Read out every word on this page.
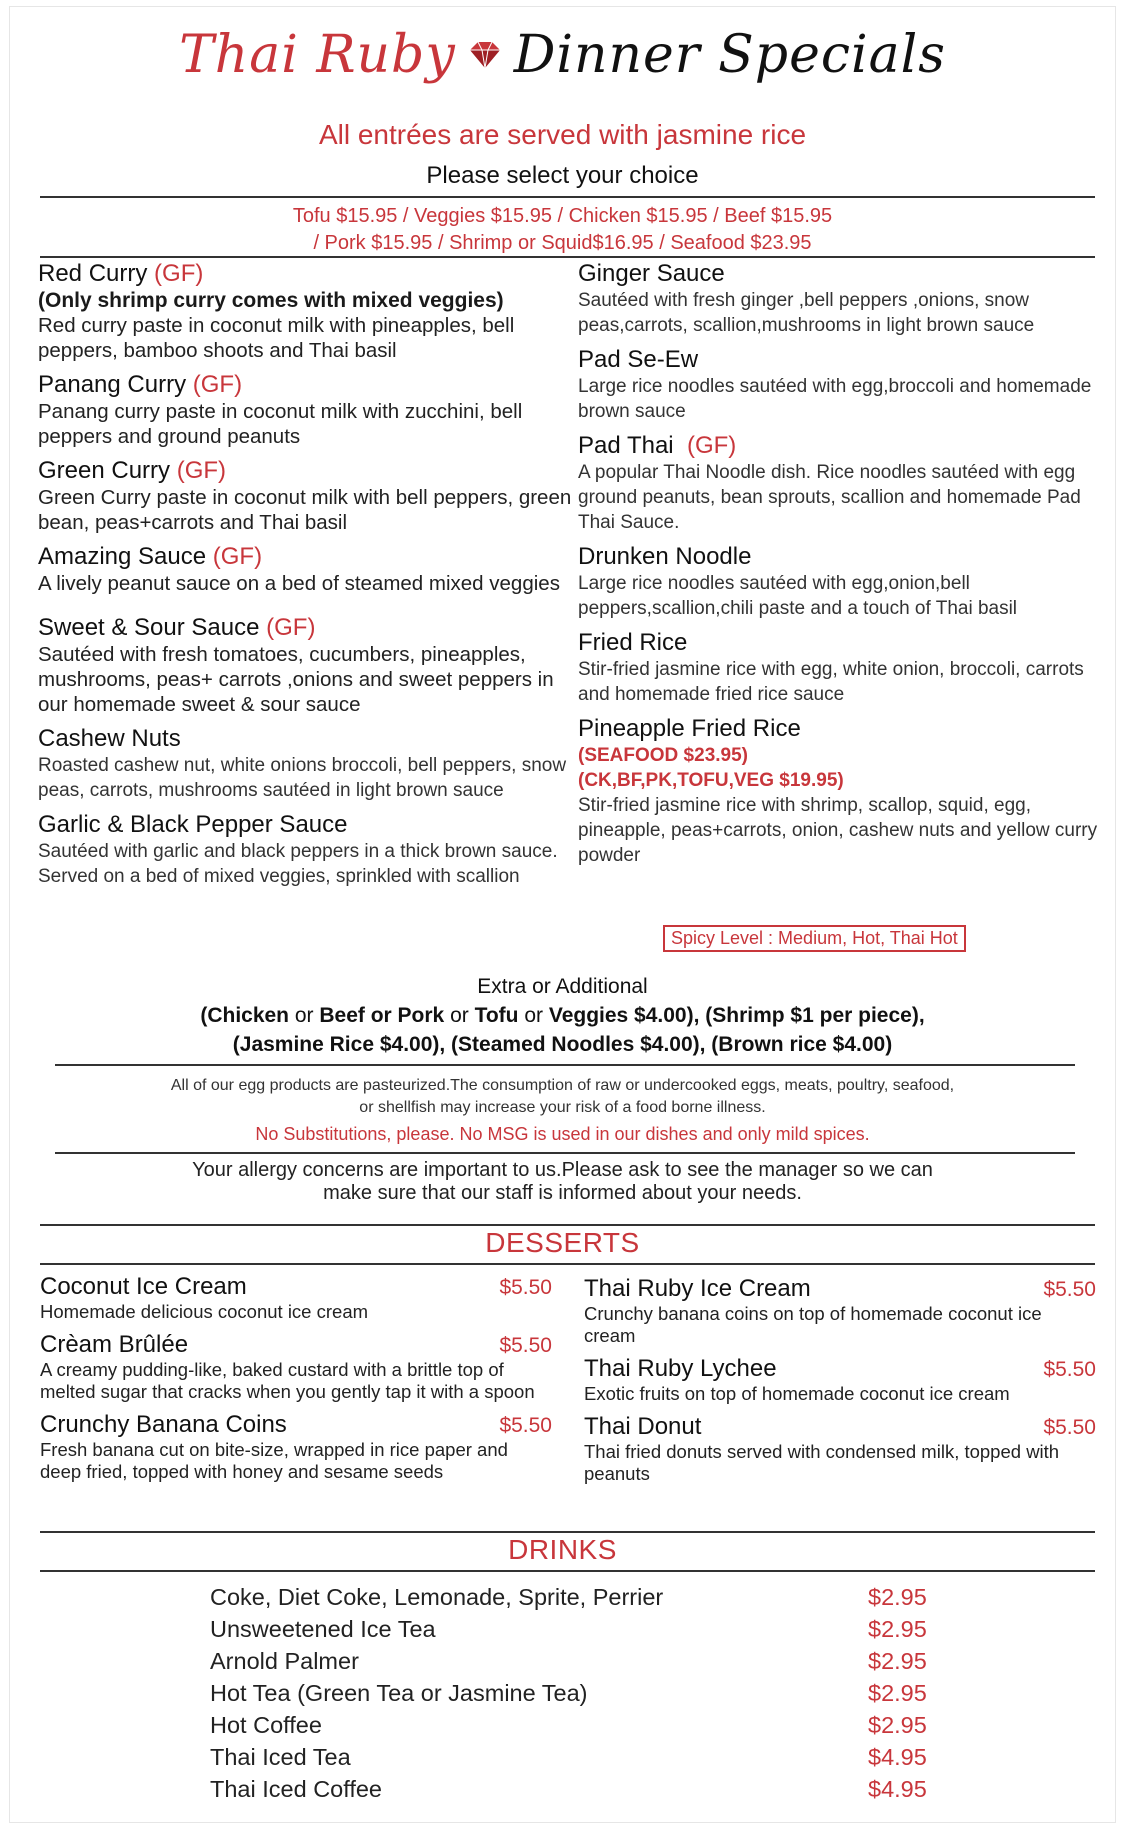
Thai Ruby Dinner Specials
All entrées are served with jasmine rice
Please select your choice
Tofu $15.95 / Veggies $15.95 / Chicken $15.95 / Beef $15.95
/ Pork $15.95 / Shrimp or Squid$16.95 / Seafood $23.95
Red Curry (GF)
(Only shrimp curry comes with mixed veggies)
Red curry paste in coconut milk with pineapples, bell peppers, bamboo shoots and Thai basil
Panang Curry (GF)
Panang curry paste in coconut milk with zucchini, bell peppers and ground peanuts
Green Curry (GF)
Green Curry paste in coconut milk with bell peppers, green bean, peas+carrots and Thai basil
Amazing Sauce (GF)
A lively peanut sauce on a bed of steamed mixed veggies
Sweet & Sour Sauce (GF)
Sautéed with fresh tomatoes, cucumbers, pineapples, mushrooms, peas+ carrots ,onions and sweet peppers in our homemade sweet & sour sauce
Cashew Nuts
Roasted cashew nut, white onions broccoli, bell peppers, snow peas, carrots, mushrooms sautéed in light brown sauce
Garlic & Black Pepper Sauce
Sautéed with garlic and black peppers in a thick brown sauce. Served on a bed of mixed veggies, sprinkled with scallion
Ginger Sauce
Sautéed with fresh ginger ,bell peppers ,onions, snow peas,carrots, scallion,mushrooms in light brown sauce
Pad Se-Ew
Large rice noodles sautéed with egg,broccoli and homemade brown sauce
Pad Thai (GF)
A popular Thai Noodle dish. Rice noodles sautéed with egg ground peanuts, bean sprouts, scallion and homemade Pad Thai Sauce.
Drunken Noodle
Large rice noodles sautéed with egg,onion,bell peppers,scallion,chili paste and a touch of Thai basil
Fried Rice
Stir-fried jasmine rice with egg, white onion, broccoli, carrots and homemade fried rice sauce
Pineapple Fried Rice
(SEAFOOD $23.95)
(CK,BF,PK,TOFU,VEG $19.95)
Stir-fried jasmine rice with shrimp, scallop, squid, egg, pineapple, peas+carrots, onion, cashew nuts and yellow curry powder
Spicy Level : Medium, Hot, Thai Hot
Extra or Additional
(Chicken or Beef or Pork or Tofu or Veggies $4.00), (Shrimp $1 per piece),
(Jasmine Rice $4.00), (Steamed Noodles $4.00), (Brown rice $4.00)
All of our egg products are pasteurized.The consumption of raw or undercooked eggs, meats, poultry, seafood,
or shellfish may increase your risk of a food borne illness.
No Substitutions, please. No MSG is used in our dishes and only mild spices.
Your allergy concerns are important to us.Please ask to see the manager so we can
make sure that our staff is informed about your needs.
DESSERTS
Coconut Ice Cream	$5.50
Homemade delicious coconut ice cream
Crèam Brûlée	$5.50
A creamy pudding-like, baked custard with a brittle top of melted sugar that cracks when you gently tap it with a spoon
Crunchy Banana Coins	$5.50
Fresh banana cut on bite-size, wrapped in rice paper and deep fried, topped with honey and sesame seeds
Thai Ruby Ice Cream	$5.50
Crunchy banana coins on top of homemade coconut ice cream
Thai Ruby Lychee	$5.50
Exotic fruits on top of homemade coconut ice cream
Thai Donut	$5.50
Thai fried donuts served with condensed milk, topped with peanuts
DRINKS
Coke, Diet Coke, Lemonade, Sprite, Perrier	$2.95
Unsweetened Ice Tea	$2.95
Arnold Palmer	$2.95
Hot Tea (Green Tea or Jasmine Tea)	$2.95
Hot Coffee	$2.95
Thai Iced Tea	$4.95
Thai Iced Coffee	$4.95
